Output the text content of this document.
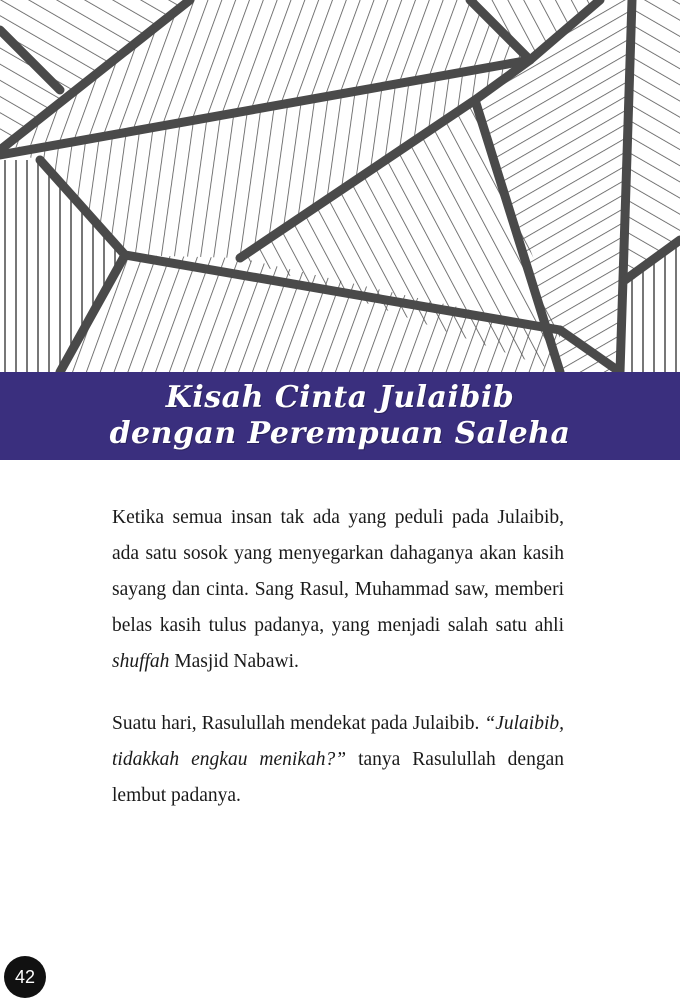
Kisah Cinta Julaibib
dengan Perempuan Saleha

Ketika semua insan tak ada yang peduli pada Julaibib, ada satu sosok yang menyegarkan dahaganya akan kasih sayang dan cinta. Sang Rasul, Muhammad saw, memberi belas kasih tulus padanya, yang menjadi salah satu ahli shuffah Masjid Nabawi.

Suatu hari, Rasulullah mendekat pada Julaibib. “Julaibib, tidakkah engkau menikah?” tanya Rasulullah dengan lembut padanya.

42
